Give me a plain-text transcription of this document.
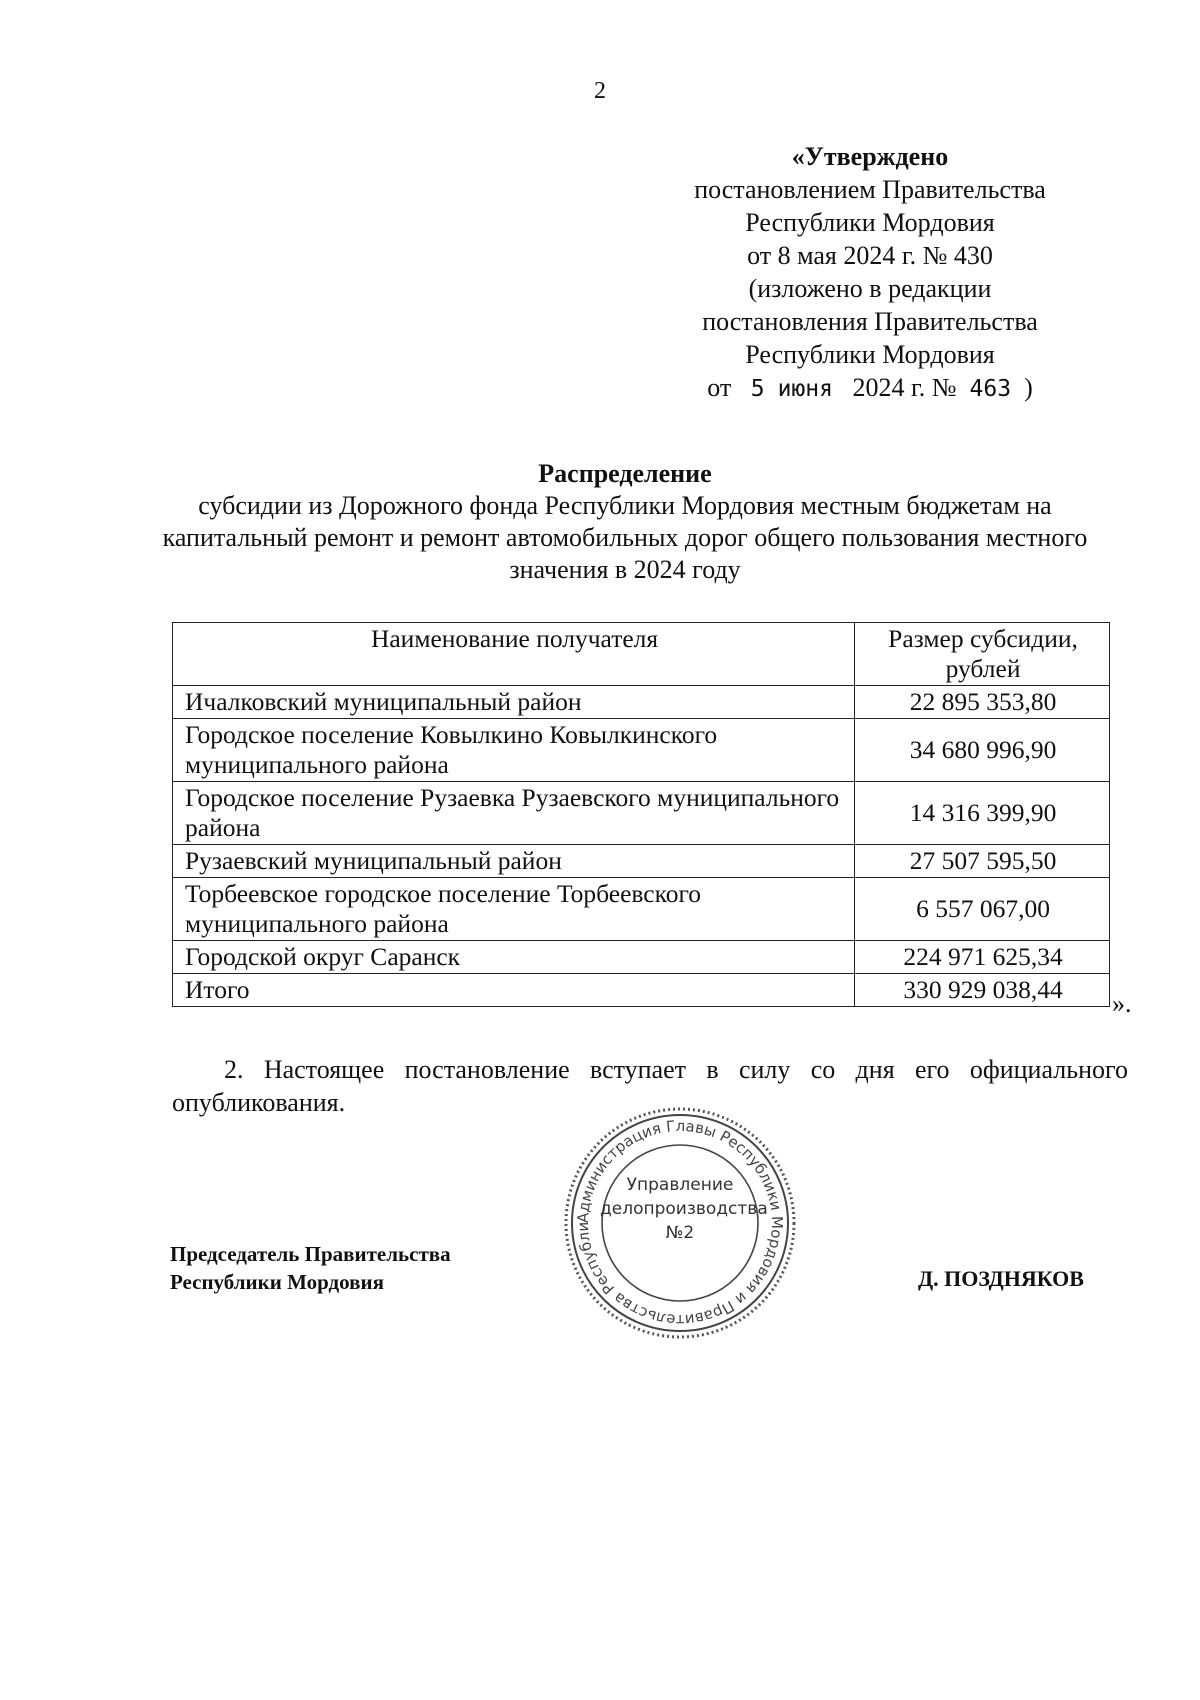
2
«Утверждено
постановлением Правительства
Республики Мордовия
от 8 мая 2024 г. № 430
(изложено в редакции
постановления Правительства
Республики Мордовия
от 5 июня 2024 г. № 463 )
Распределение
субсидии из Дорожного фонда Республики Мордовия местным бюджетам на капитальный ремонт и ремонт автомобильных дорог общего пользования местного значения в 2024 году
Наименование получателя	Размер субсидии, рублей
Ичалковский муниципальный район	22 895 353,80
Городское поселение Ковылкино Ковылкинского муниципального района	34 680 996,90
Городское поселение Рузаевка Рузаевского муниципального района	14 316 399,90
Рузаевский муниципальный район	27 507 595,50
Торбеевское городское поселение Торбеевского муниципального района	6 557 067,00
Городской округ Саранск	224 971 625,34
Итого	330 929 038,44 ».
2. Настоящее постановление вступает в силу со дня его официального опубликования.
Председатель Правительства
Республики Мордовия
Администрация Главы Республики Мордовия и Правительства Республи
Управление
делопроизводства
№2
Д. ПОЗДНЯКОВ
